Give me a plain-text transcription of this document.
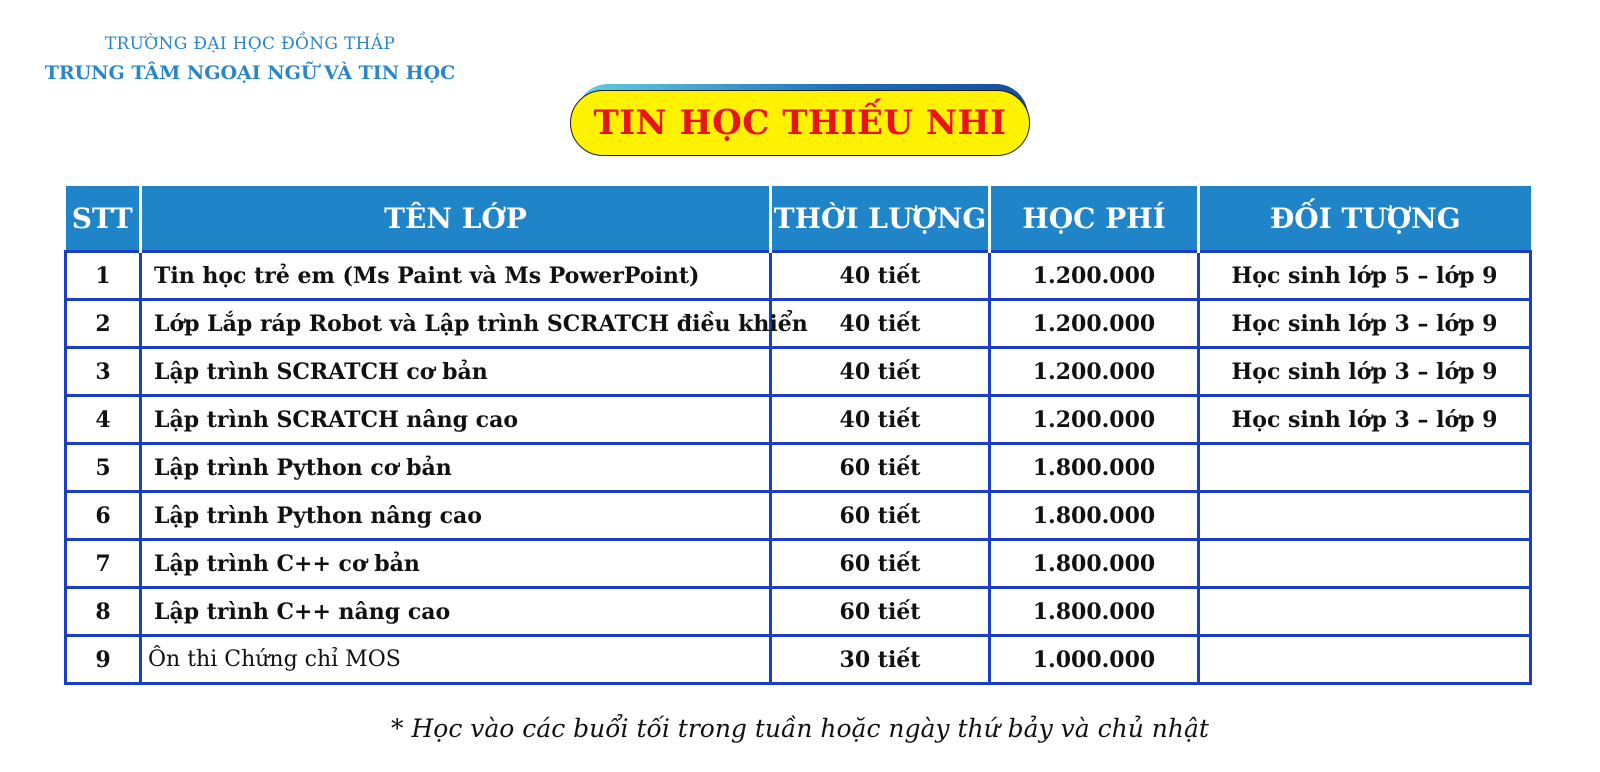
TRƯỜNG ĐẠI HỌC ĐỒNG THÁP
TRUNG TÂM NGOẠI NGỮ VÀ TIN HỌC
TIN HỌC THIẾU NHI
STT	TÊN LỚP	THỜI LƯỢNG	HỌC PHÍ	ĐỐI TƯỢNG
1	Tin học trẻ em (Ms Paint và Ms PowerPoint)	40 tiết	1.200.000	Học sinh lớp 5 – lớp 9
2	Lớp Lắp ráp Robot và Lập trình SCRATCH điều khiển	40 tiết	1.200.000	Học sinh lớp 3 – lớp 9
3	Lập trình SCRATCH cơ bản	40 tiết	1.200.000	Học sinh lớp 3 – lớp 9
4	Lập trình SCRATCH nâng cao	40 tiết	1.200.000	Học sinh lớp 3 – lớp 9
5	Lập trình Python cơ bản	60 tiết	1.800.000	
6	Lập trình Python nâng cao	60 tiết	1.800.000	
7	Lập trình C++ cơ bản	60 tiết	1.800.000	
8	Lập trình C++ nâng cao	60 tiết	1.800.000	
9	Ôn thi Chứng chỉ MOS	30 tiết	1.000.000	
* Học vào các buổi tối trong tuần hoặc ngày thứ bảy và chủ nhật
